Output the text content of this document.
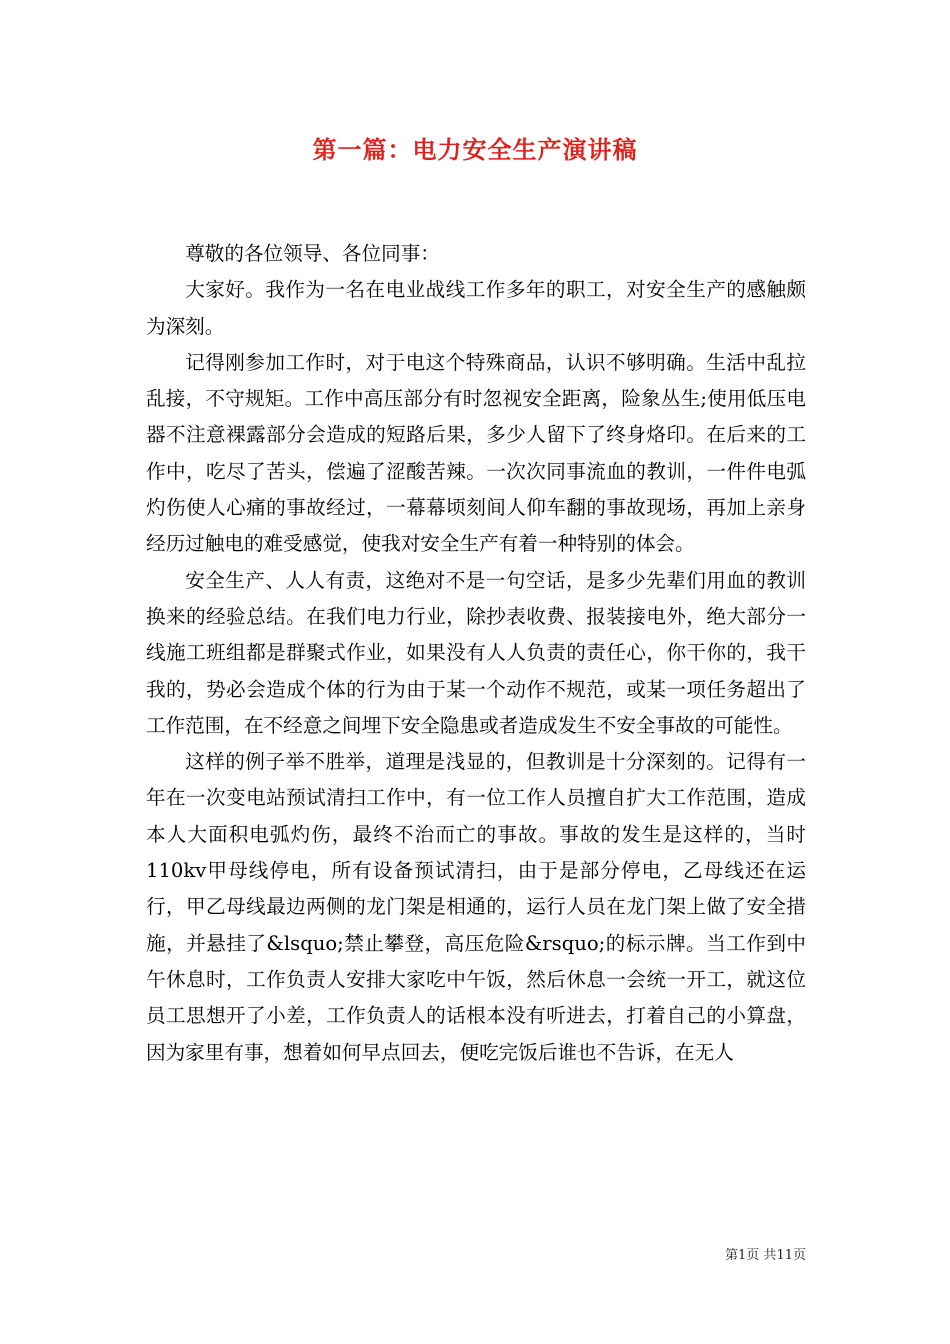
第一篇：电力安全生产演讲稿

尊敬的各位领导、各位同事：

大家好。我作为一名在电业战线工作多年的职工，对安全生产的感触颇为深刻。

记得刚参加工作时，对于电这个特殊商品，认识不够明确。生活中乱拉乱接，不守规矩。工作中高压部分有时忽视安全距离，险象丛生;使用低压电器不注意裸露部分会造成的短路后果，多少人留下了终身烙印。在后来的工作中，吃尽了苦头，偿遍了涩酸苦辣。一次次同事流血的教训，一件件电弧灼伤使人心痛的事故经过，一幕幕顷刻间人仰车翻的事故现场，再加上亲身经历过触电的难受感觉，使我对安全生产有着一种特别的体会。

安全生产、人人有责，这绝对不是一句空话，是多少先辈们用血的教训换来的经验总结。在我们电力行业，除抄表收费、报装接电外，绝大部分一线施工班组都是群聚式作业，如果没有人人负责的责任心，你干你的，我干我的，势必会造成个体的行为由于某一个动作不规范，或某一项任务超出了工作范围，在不经意之间埋下安全隐患或者造成发生不安全事故的可能性。

这样的例子举不胜举，道理是浅显的，但教训是十分深刻的。记得有一年在一次变电站预试清扫工作中，有一位工作人员擅自扩大工作范围，造成本人大面积电弧灼伤，最终不治而亡的事故。事故的发生是这样的，当时110kv甲母线停电，所有设备预试清扫，由于是部分停电，乙母线还在运行，甲乙母线最边两侧的龙门架是相通的，运行人员在龙门架上做了安全措施，并悬挂了&lsquo;禁止攀登，高压危险&rsquo;的标示牌。当工作到中午休息时，工作负责人安排大家吃中午饭，然后休息一会统一开工，就这位员工思想开了小差，工作负责人的话根本没有听进去，打着自己的小算盘，因为家里有事，想着如何早点回去，便吃完饭后谁也不告诉，在无人

第1页 共11页
